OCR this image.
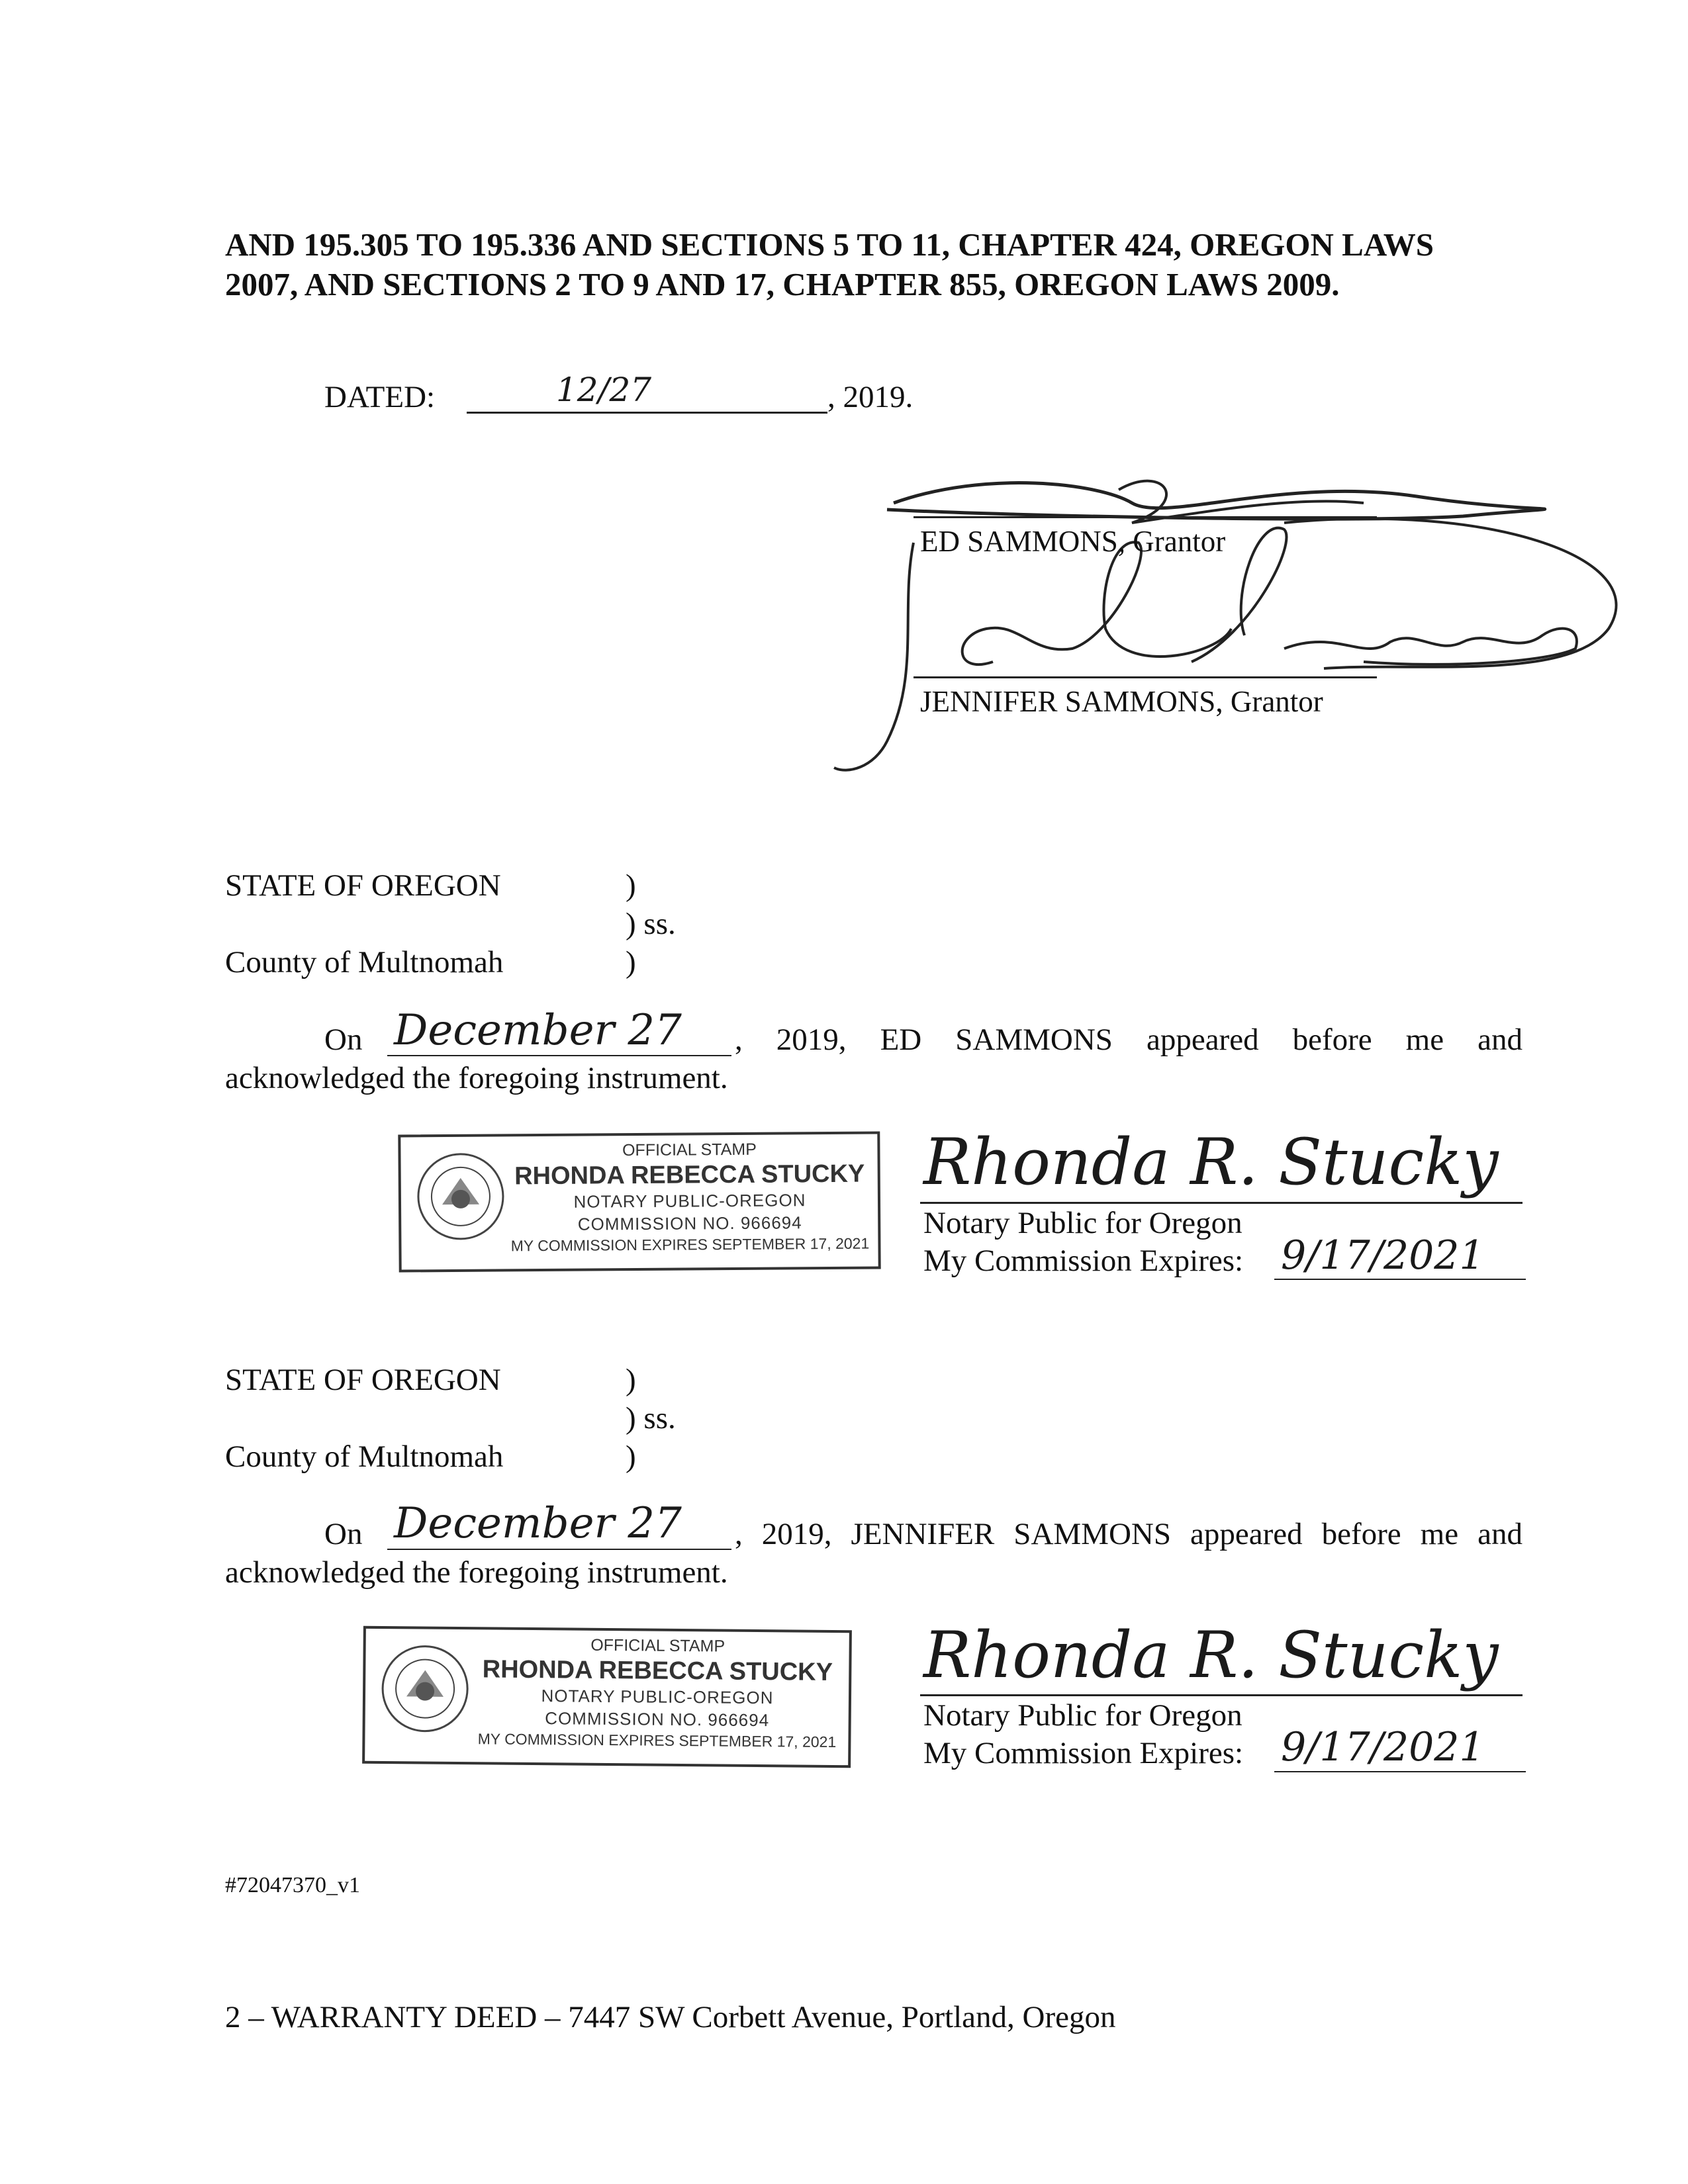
AND 195.305 TO 195.336 AND SECTIONS 5 TO 11, CHAPTER 424, OREGON LAWS
2007, AND SECTIONS 2 TO 9 AND 17, CHAPTER 855, OREGON LAWS 2009.
DATED:	12/27	, 2019.
ED SAMMONS, Grantor
JENNIFER SAMMONS, Grantor
STATE OF OREGON	)
) ss.
County of Multnomah	)
On December 27 , 2019, ED SAMMONS appeared before me and
acknowledged the foregoing instrument.
OFFICIAL STAMP
RHONDA REBECCA STUCKY
NOTARY PUBLIC-OREGON
COMMISSION NO. 966694
MY COMMISSION EXPIRES SEPTEMBER 17, 2021
Rhonda R. Stucky
Notary Public for Oregon
My Commission Expires: 9/17/2021
STATE OF OREGON	)
) ss.
County of Multnomah	)
On December 27 , 2019, JENNIFER SAMMONS appeared before me and
acknowledged the foregoing instrument.
OFFICIAL STAMP
RHONDA REBECCA STUCKY
NOTARY PUBLIC-OREGON
COMMISSION NO. 966694
MY COMMISSION EXPIRES SEPTEMBER 17, 2021
Rhonda R. Stucky
Notary Public for Oregon
My Commission Expires: 9/17/2021
#72047370_v1
2 – WARRANTY DEED – 7447 SW Corbett Avenue, Portland, Oregon
